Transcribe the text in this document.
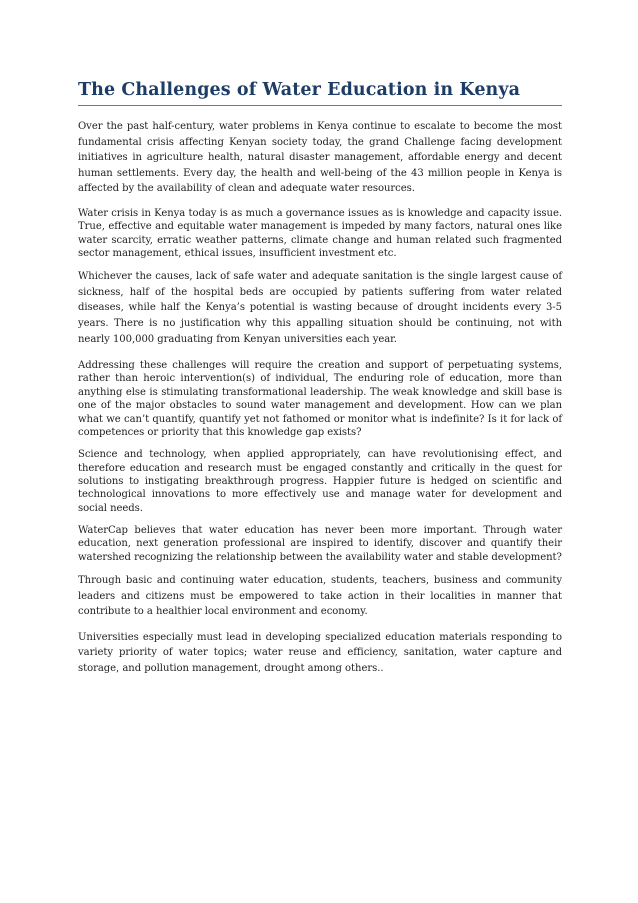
The Challenges of Water Education in Kenya

Over the past half-century, water problems in Kenya continue to escalate to become the most fundamental crisis affecting Kenyan society today, the grand Challenge facing development initiatives in agriculture health, natural disaster management, affordable energy and decent human settlements. Every day, the health and well-being of the 43 million people in Kenya is affected by the availability of clean and adequate water resources.

Water crisis in Kenya today is as much a governance issues as is knowledge and capacity issue. True, effective and equitable water management is impeded by many factors, natural ones like water scarcity, erratic weather patterns, climate change and human related such fragmented sector management, ethical issues, insufficient investment etc.

Whichever the causes, lack of safe water and adequate sanitation is the single largest cause of sickness, half of the hospital beds are occupied by patients suffering from water related diseases, while half the Kenya’s potential is wasting because of drought incidents every 3-5 years. There is no justification why this appalling situation should be continuing, not with nearly 100,000 graduating from Kenyan universities each year.

Addressing these challenges will require the creation and support of perpetuating systems, rather than heroic intervention(s) of individual, The enduring role of education, more than anything else is stimulating transformational leadership. The weak knowledge and skill base is one of the major obstacles to sound water management and development. How can we plan what we can’t quantify, quantify yet not fathomed or monitor what is indefinite? Is it for lack of competences or priority that this knowledge gap exists?

Science and technology, when applied appropriately, can have revolutionising effect, and therefore education and research must be engaged constantly and critically in the quest for solutions to instigating breakthrough progress. Happier future is hedged on scientific and technological innovations to more effectively use and manage water for development and social needs.

WaterCap believes that water education has never been more important. Through water education, next generation professional are inspired to identify, discover and quantify their watershed recognizing the relationship between the availability water and stable development?

Through basic and continuing water education, students, teachers, business and community leaders and citizens must be empowered to take action in their localities in manner that contribute to a healthier local environment and economy.

Universities especially must lead in developing specialized education materials responding to variety priority of water topics; water reuse and efficiency, sanitation, water capture and storage, and pollution management, drought among others..
